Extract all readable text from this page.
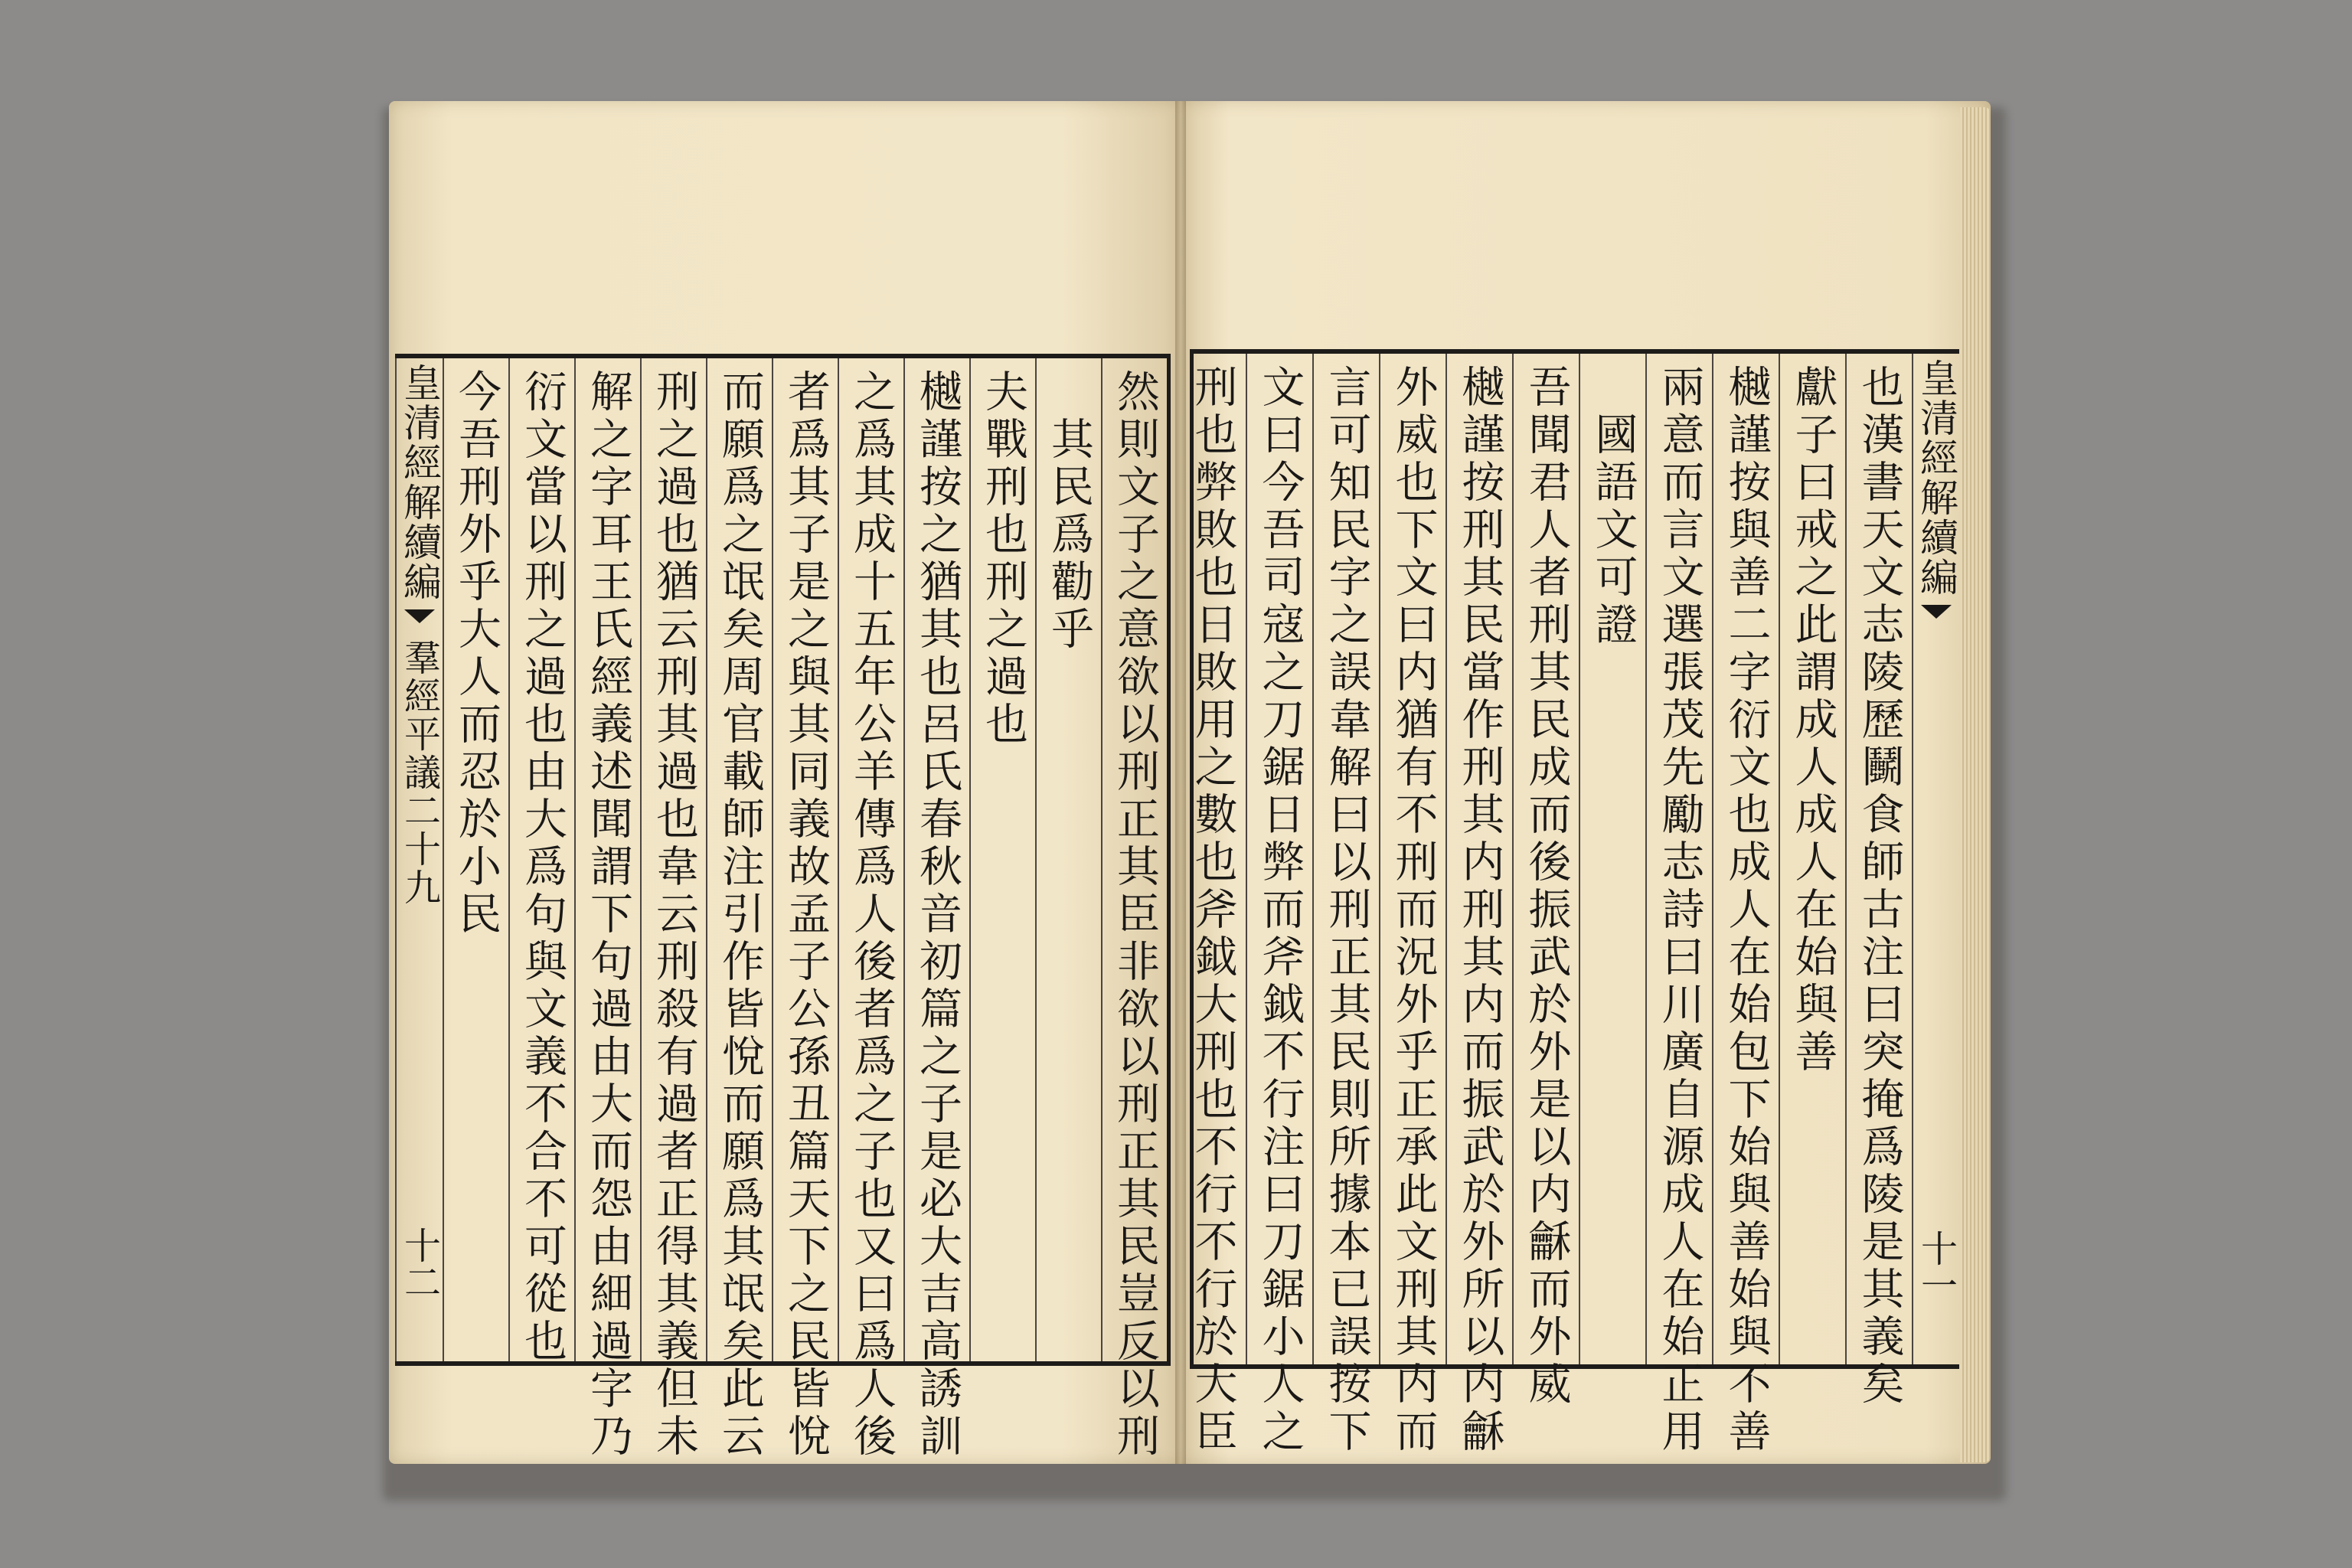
然則文子之意欲以刑正其臣非欲以刑正其民豈反以刑
其民爲勸乎
夫戰刑也刑之過也
樾謹按之猶其也呂氏春秋音初篇之子是必大吉高誘訓
之爲其成十五年公羊傳爲人後者爲之子也又曰爲人後
者爲其子是之與其同義故孟子公孫丑篇天下之民皆悅
而願爲之氓矣周官載師注引作皆悅而願爲其氓矣此云
刑之過也猶云刑其過也韋云刑殺有過者正得其義但未
解之字耳王氏經義述聞謂下句過由大而怨由細過字乃
衍文當以刑之過也由大爲句與文義不合不可從也
今吾刑外乎大人而忍於小民
皇清經解續編
羣經平議二十九
十二
皇清經解續編
十一
也漢書天文志陵歷鬭食師古注曰突掩爲陵是其義矣
獻子曰戒之此謂成人成人在始與善
樾謹按與善二字衍文也成人在始包下始與善始與不善
兩意而言文選張茂先勵志詩曰川廣自源成人在始正用
國語文可證
吾聞君人者刑其民成而後振武於外是以内龢而外威
樾謹按刑其民當作刑其内刑其内而振武於外所以内龢
外威也下文曰内猶有不刑而況外乎正承此文刑其内而
言可知民字之誤韋解曰以刑正其民則所據本已誤按下
文曰今吾司寇之刀鋸日弊而斧鉞不行注曰刀鋸小人之
刑也弊敗也日敗用之數也斧鉞大刑也不行不行於大臣
